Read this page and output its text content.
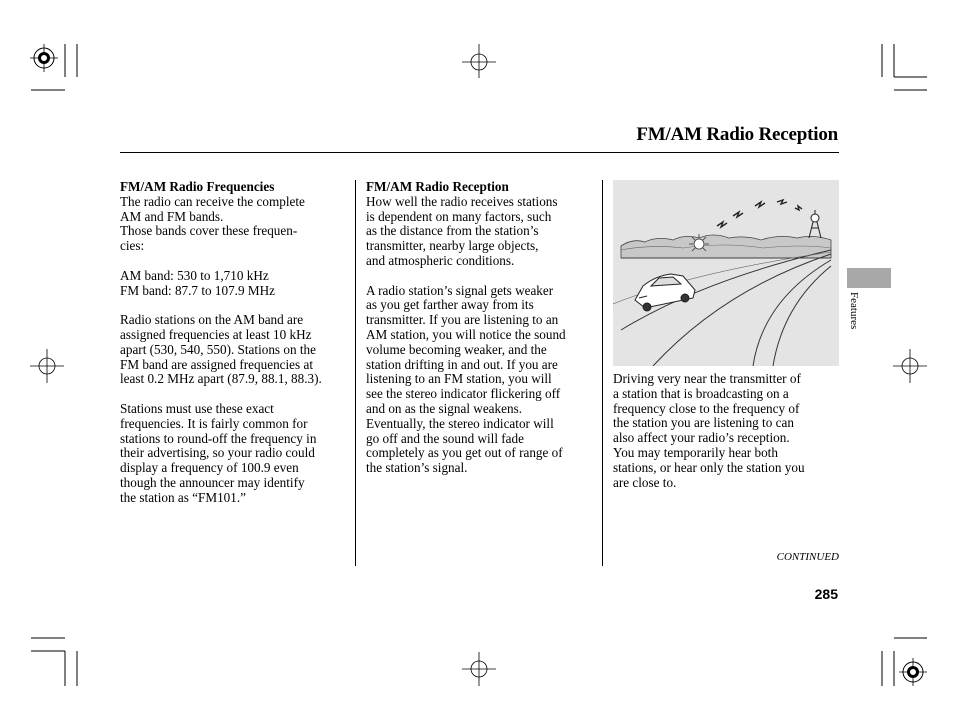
FM/AM Radio Reception

FM/AM Radio Frequencies

The radio can receive the complete

AM and FM bands.

Those bands cover these frequen-

cies:

AM band: 530 to 1,710 kHz

FM band: 87.7 to 107.9 MHz

Radio stations on the AM band are

assigned frequencies at least 10 kHz

apart (530, 540, 550). Stations on the

FM band are assigned frequencies at

least 0.2 MHz apart (87.9, 88.1, 88.3).

Stations must use these exact

frequencies. It is fairly common for

stations to round-off the frequency in

their advertising, so your radio could

display a frequency of 100.9 even

though the announcer may identify

the station as “FM101.”

FM/AM Radio Reception

How well the radio receives stations

is dependent on many factors, such

as the distance from the station’s

transmitter, nearby large objects,

and atmospheric conditions.

A radio station’s signal gets weaker

as you get farther away from its

transmitter. If you are listening to an

AM station, you will notice the sound

volume becoming weaker, and the

station drifting in and out. If you are

listening to an FM station, you will

see the stereo indicator flickering off

and on as the signal weakens.

Eventually, the stereo indicator will

go off and the sound will fade

completely as you get out of range of

the station’s signal.

Driving very near the transmitter of

a station that is broadcasting on a

frequency close to the frequency of

the station you are listening to can

also affect your radio’s reception.

You may temporarily hear both

stations, or hear only the station you

are close to.

Features
CONTINUED
285
